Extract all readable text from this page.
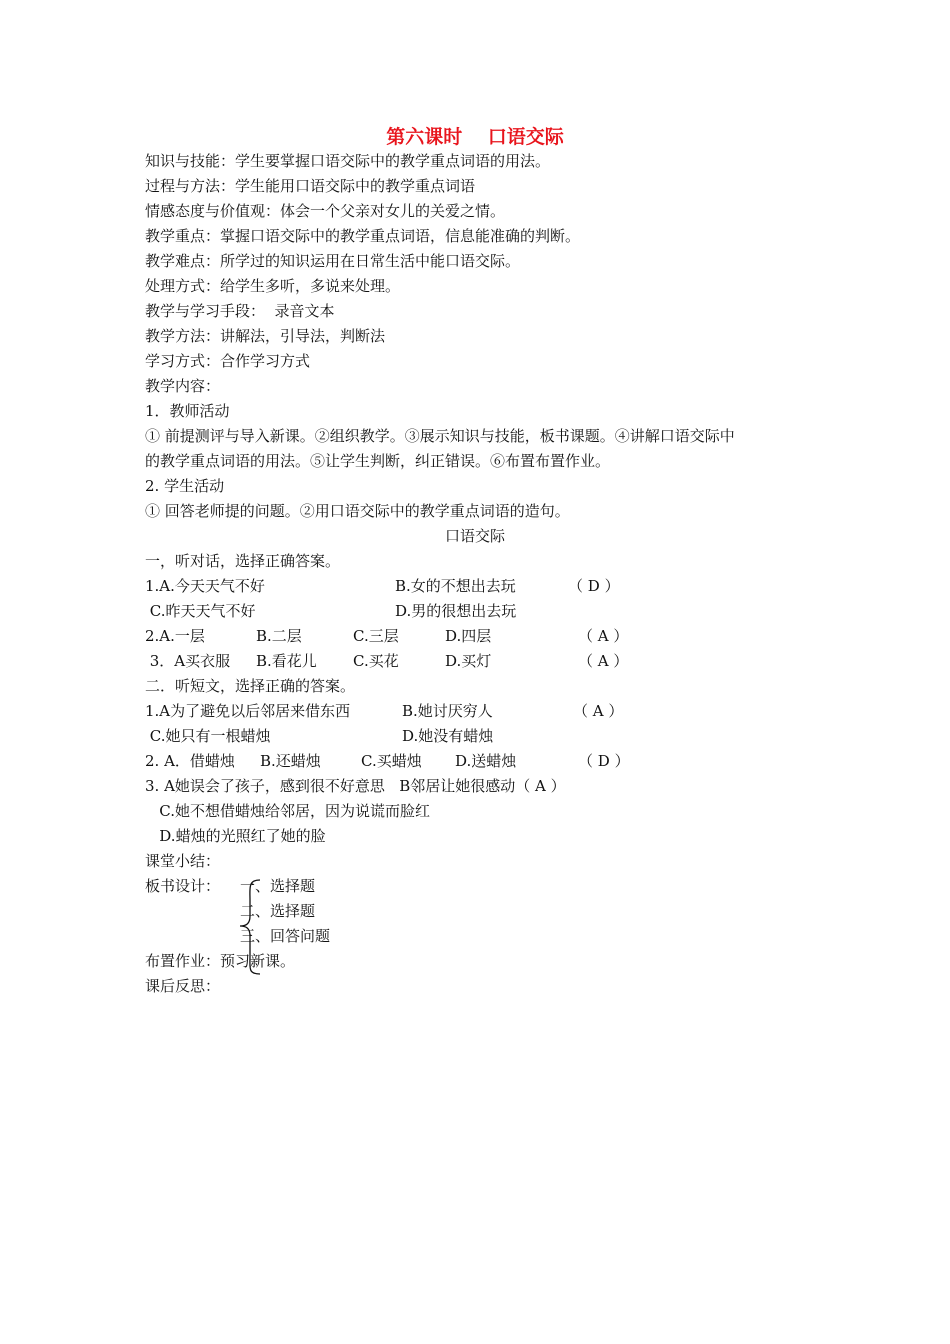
第六课时　 口语交际
知识与技能：学生要掌握口语交际中的教学重点词语的用法。
过程与方法：学生能用口语交际中的教学重点词语
情感态度与价值观：体会一个父亲对女儿的关爱之情。
教学重点：掌握口语交际中的教学重点词语，信息能准确的判断。
教学难点：所学过的知识运用在日常生活中能口语交际。
处理方式：给学生多听，多说来处理。
教学与学习手段：  录音文本
教学方法：讲解法，引导法，判断法
学习方式：合作学习方式
教学内容：
1．教师活动
① 前提测评与导入新课。②组织教学。③展示知识与技能，板书课题。④讲解口语交际中
的教学重点词语的用法。⑤让学生判断，纠正错误。⑥布置布置作业。
2. 学生活动
① 回答老师提的问题。②用口语交际中的教学重点词语的造句。
口语交际
一，听对话，选择正确答案。
1.A.今天天气不好	B.女的不想出去玩	（ D ）
C.昨天天气不好	D.男的很想出去玩
2.A.一层	B.二层	C.三层	D.四层	（ A ）
3．A买衣服 B.看花儿 C.买花	D.买灯	（ A ）
二．听短文，选择正确的答案。
1.A为了避免以后邻居来借东西	B.她讨厌穷人	（ A ）
C.她只有一根蜡烛	D.她没有蜡烛
2. A．借蜡烛 B.还蜡烛	C.买蜡烛 D.送蜡烛	（ D ）
3. A她误会了孩子，感到很不好意思   B邻居让她很感动（ A ）
C.她不想借蜡烛给邻居，因为说谎而脸红
D.蜡烛的光照红了她的脸
课堂小结：
板书设计： 一、选择题
二、选择题
三、回答问题
布置作业：预习新课。
课后反思：
